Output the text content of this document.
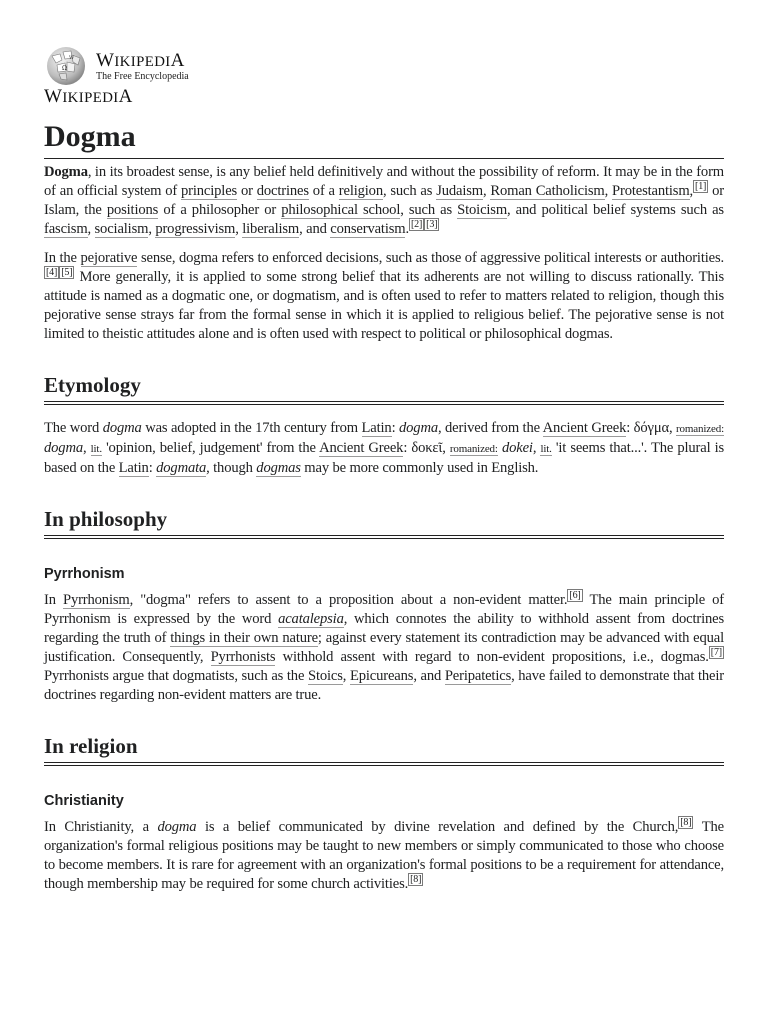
Ω
W WIKIPEDIA
The Free Encyclopedia
WIKIPEDIA
Dogma

Dogma, in its broadest sense, is any belief held definitively and without the possibility of reform. It may be in the form of an official system of principles or doctrines of a religion, such as Judaism, Roman Catholicism, Protestantism, [1] or Islam, the positions of a philosopher or philosophical school, such as Stoicism, and political belief systems such as fascism, socialism, progressivism, liberalism, and conservatism. [2] [3]

In the pejorative sense, dogma refers to enforced decisions, such as those of aggressive political interests or authorities.[4] [5] More generally, it is applied to some strong belief that its adherents are not willing to discuss rationally. This attitude is named as a dogmatic one, or dogmatism, and is often used to refer to matters related to religion, though this pejorative sense strays far from the formal sense in which it is applied to religious belief. The pejorative sense is not limited to theistic attitudes alone and is often used with respect to political or philosophical dogmas.

Etymology

The word dogma was adopted in the 17th century from Latin: dogma, derived from the Ancient Greek: δόγμα, romanized: dogma, lit. 'opinion, belief, judgement' from the Ancient Greek: δοκεῖ, romanized: dokei, lit. 'it seems that...'. The plural is based on the Latin: dogmata, though dogmas may be more commonly used in English.

In philosophy
Pyrrhonism

In Pyrrhonism, "dogma" refers to assent to a proposition about a non-evident matter. [6] The main principle of Pyrrhonism is expressed by the word acatalepsia, which connotes the ability to withhold assent from doctrines regarding the truth of things in their own nature; against every statement its contradiction may be advanced with equal justification. Consequently, Pyrrhonists withhold assent with regard to non-evident propositions, i.e., dogmas. [7] Pyrrhonists argue that dogmatists, such as the Stoics, Epicureans, and Peripatetics, have failed to demonstrate that their doctrines regarding non-evident matters are true.

In religion
Christianity

In Christianity, a dogma is a belief communicated by divine revelation and defined by the Church, [8] The organization's formal religious positions may be taught to new members or simply communicated to those who choose to become members. It is rare for agreement with an organization's formal positions to be a requirement for attendance, though membership may be required for some church activities. [8]
